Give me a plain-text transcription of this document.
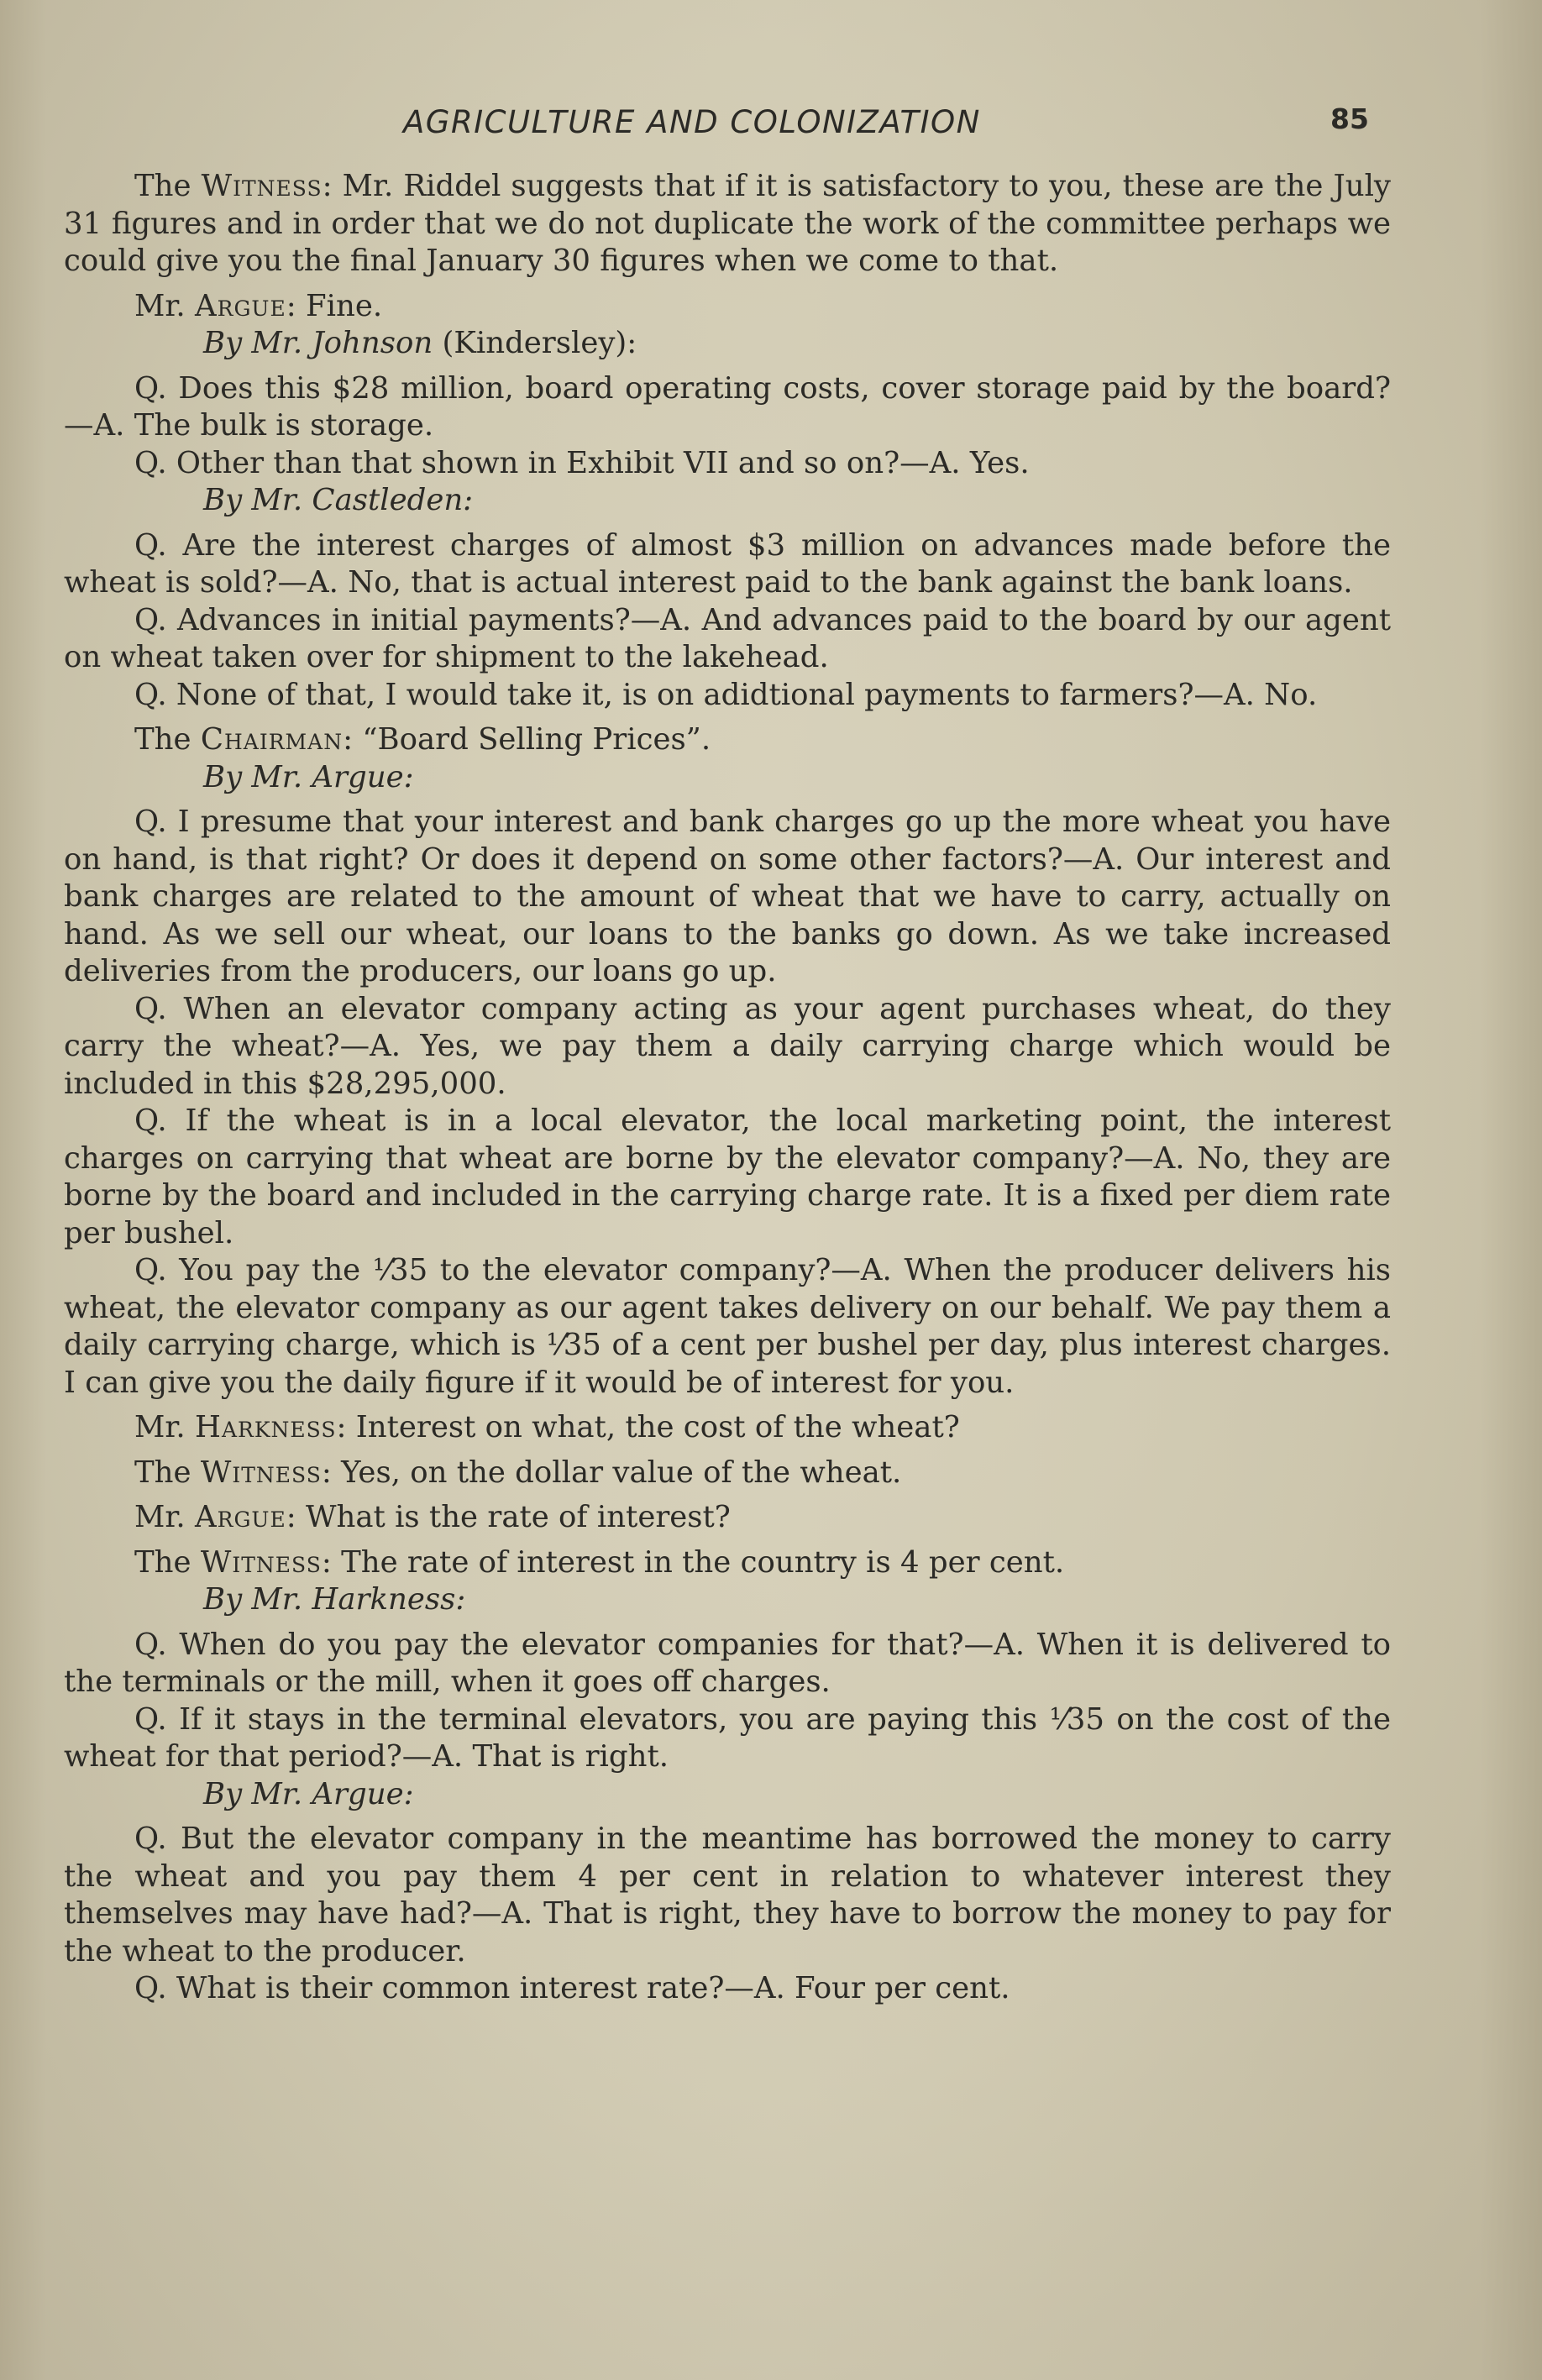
AGRICULTURE AND COLONIZATION	85

The Witness: Mr. Riddel suggests that if it is satisfactory to you, these are the July 31 figures and in order that we do not duplicate the work of the committee perhaps we could give you the final January 30 figures when we come to that.

Mr. Argue: Fine.

By Mr. Johnson (Kindersley):

Q. Does this $28 million, board operating costs, cover storage paid by the board?—A. The bulk is storage.

Q. Other than that shown in Exhibit VII and so on?—A. Yes.

By Mr. Castleden:

Q. Are the interest charges of almost $3 million on advances made before the wheat is sold?—A. No, that is actual interest paid to the bank against the bank loans.

Q. Advances in initial payments?—A. And advances paid to the board by our agent on wheat taken over for shipment to the lakehead.

Q. None of that, I would take it, is on adidtional payments to farmers?—A. No.

The Chairman: “Board Selling Prices”.

By Mr. Argue:

Q. I presume that your interest and bank charges go up the more wheat you have on hand, is that right? Or does it depend on some other factors?—A. Our interest and bank charges are related to the amount of wheat that we have to carry, actually on hand. As we sell our wheat, our loans to the banks go down. As we take increased deliveries from the producers, our loans go up.

Q. When an elevator company acting as your agent purchases wheat, do they carry the wheat?—A. Yes, we pay them a daily carrying charge which would be included in this $28,295,000.

Q. If the wheat is in a local elevator, the local marketing point, the interest charges on carrying that wheat are borne by the elevator company?—A. No, they are borne by the board and included in the carrying charge rate. It is a fixed per diem rate per bushel.

Q. You pay the ⅟35 to the elevator company?—A. When the producer delivers his wheat, the elevator company as our agent takes delivery on our behalf. We pay them a daily carrying charge, which is ⅟35 of a cent per bushel per day, plus interest charges. I can give you the daily figure if it would be of interest for you.

Mr. Harkness: Interest on what, the cost of the wheat?

The Witness: Yes, on the dollar value of the wheat.

Mr. Argue: What is the rate of interest?

The Witness: The rate of interest in the country is 4 per cent.

By Mr. Harkness:

Q. When do you pay the elevator companies for that?—A. When it is delivered to the terminals or the mill, when it goes off charges.

Q. If it stays in the terminal elevators, you are paying this ⅟35 on the cost of the wheat for that period?—A. That is right.

By Mr. Argue:

Q. But the elevator company in the meantime has borrowed the money to carry the wheat and you pay them 4 per cent in relation to whatever interest they themselves may have had?—A. That is right, they have to borrow the money to pay for the wheat to the producer.

Q. What is their common interest rate?—A. Four per cent.
